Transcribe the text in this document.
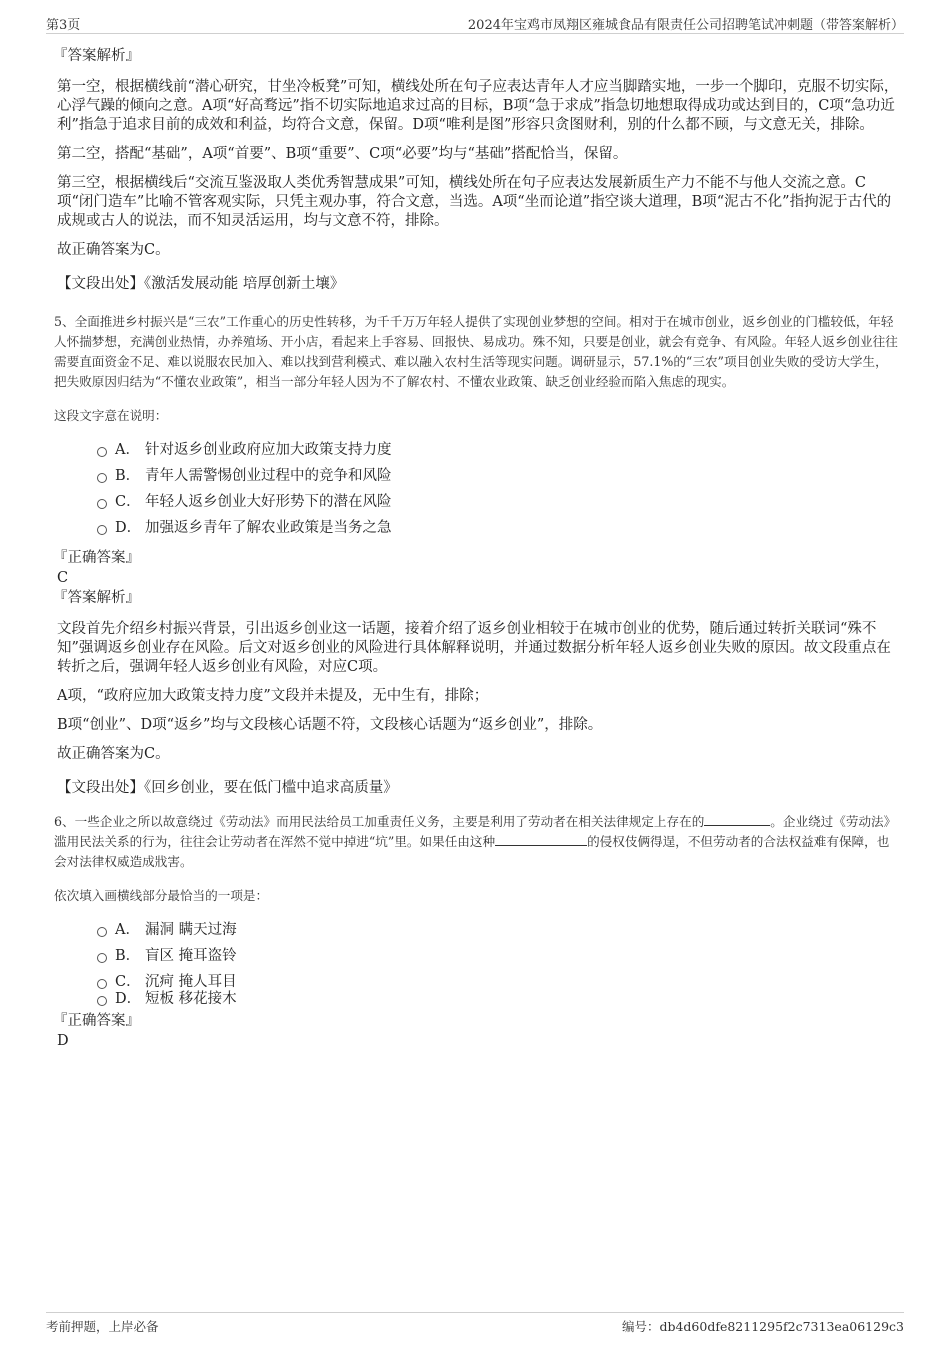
第3页	2024年宝鸡市凤翔区雍城食品有限责任公司招聘笔试冲刺题（带答案解析）
『答案解析』
第一空，根据横线前“潜心研究，甘坐冷板凳”可知，横线处所在句子应表达青年人才应当脚踏实地，一步一个脚印，克服不切实际，心浮气躁的倾向之意。A项“好高骛远”指不切实际地追求过高的目标，B项“急于求成”指急切地想取得成功或达到目的，C项“急功近利”指急于追求目前的成效和利益，均符合文意，保留。D项“唯利是图”形容只贪图财利，别的什么都不顾，与文意无关，排除。
第二空，搭配“基础”，A项“首要”、B项“重要”、C项“必要”均与“基础”搭配恰当，保留。
第三空，根据横线后“交流互鉴汲取人类优秀智慧成果”可知，横线处所在句子应表达发展新质生产力不能不与他人交流之意。C项“闭门造车”比喻不管客观实际，只凭主观办事，符合文意，当选。A项“坐而论道”指空谈大道理，B项“泥古不化”指拘泥于古代的成规或古人的说法，而不知灵活运用，均与文意不符，排除。
故正确答案为C。
【文段出处】《激活发展动能 培厚创新土壤》
5、全面推进乡村振兴是“三农”工作重心的历史性转移，为千千万万年轻人提供了实现创业梦想的空间。相对于在城市创业，返乡创业的门槛较低，年轻人怀揣梦想，充满创业热情，办养殖场、开小店，看起来上手容易、回报快、易成功。殊不知，只要是创业，就会有竞争、有风险。年轻人返乡创业往往需要直面资金不足、难以说服农民加入、难以找到营利模式、难以融入农村生活等现实问题。调研显示，57.1%的“三农”项目创业失败的受访大学生，把失败原因归结为“不懂农业政策”，相当一部分年轻人因为不了解农村、不懂农业政策、缺乏创业经验而陷入焦虑的现实。
这段文字意在说明：
A． 针对返乡创业政府应加大政策支持力度
B． 青年人需警惕创业过程中的竞争和风险
C． 年轻人返乡创业大好形势下的潜在风险
D． 加强返乡青年了解农业政策是当务之急
『正确答案』
C
『答案解析』
文段首先介绍乡村振兴背景，引出返乡创业这一话题，接着介绍了返乡创业相较于在城市创业的优势，随后通过转折关联词“殊不知”强调返乡创业存在风险。后文对返乡创业的风险进行具体解释说明，并通过数据分析年轻人返乡创业失败的原因。故文段重点在转折之后，强调年轻人返乡创业有风险，对应C项。
A项，“政府应加大政策支持力度”文段并未提及，无中生有，排除；
B项“创业”、D项“返乡”均与文段核心话题不符，文段核心话题为“返乡创业”，排除。
故正确答案为C。
【文段出处】《回乡创业，要在低门槛中追求高质量》
6、一些企业之所以故意绕过《劳动法》而用民法给员工加重责任义务，主要是利用了劳动者在相关法律规定上存在的	。企业绕过《劳动法》滥用民法关系的行为，往往会让劳动者在浑然不觉中掉进“坑”里。如果任由这种	的侵权伎俩得逞，不但劳动者的合法权益难有保障，也会对法律权威造成戕害。
依次填入画横线部分最恰当的一项是：
A． 漏洞 瞒天过海
B． 盲区 掩耳盗铃
C． 沉疴 掩人耳目
D． 短板 移花接木
『正确答案』
D
考前押题，上岸必备	编号：db4d60dfe8211295f2c7313ea06129c3
